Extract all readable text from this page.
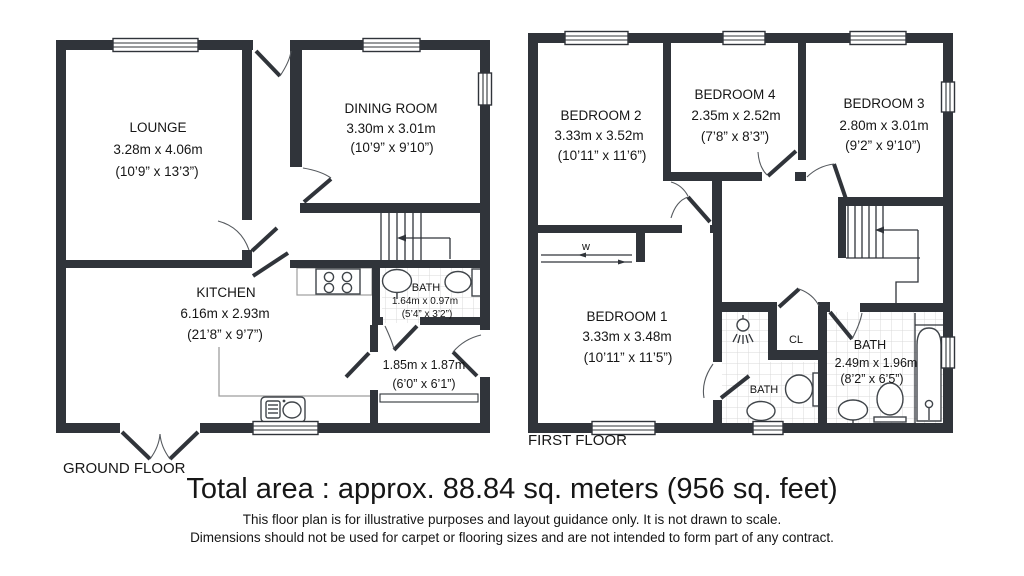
LOUNGE
3.28m x 4.06m
(10’9” x 13’3”)
DINING ROOM
3.30m x 3.01m
(10’9” x 9’10”)
KITCHEN
6.16m x 2.93m
(21’8” x 9’7”)
BATH
1.64m x 0.97m
(5’4” x 3’2”)
1.85m x 1.87m
(6’0” x 6’1”)
GROUND FLOOR
BEDROOM 2
3.33m x 3.52m
(10’11” x 11’6”)
BEDROOM 4
2.35m x 2.52m
(7’8” x 8’3”)
BEDROOM 3
2.80m x 3.01m
(9’2” x 9’10”)
BEDROOM 1
3.33m x 3.48m
(10’11” x 11’5”)
w
CL
BATH
BATH
2.49m x 1.96m
(8’2” x 6’5”)
FIRST FLOOR
Total area : approx. 88.84 sq. meters (956 sq. feet)
This floor plan is for illustrative purposes and layout guidance only. It is not drawn to scale.
Dimensions should not be used for carpet or flooring sizes and are not intended to form part of any contract.
